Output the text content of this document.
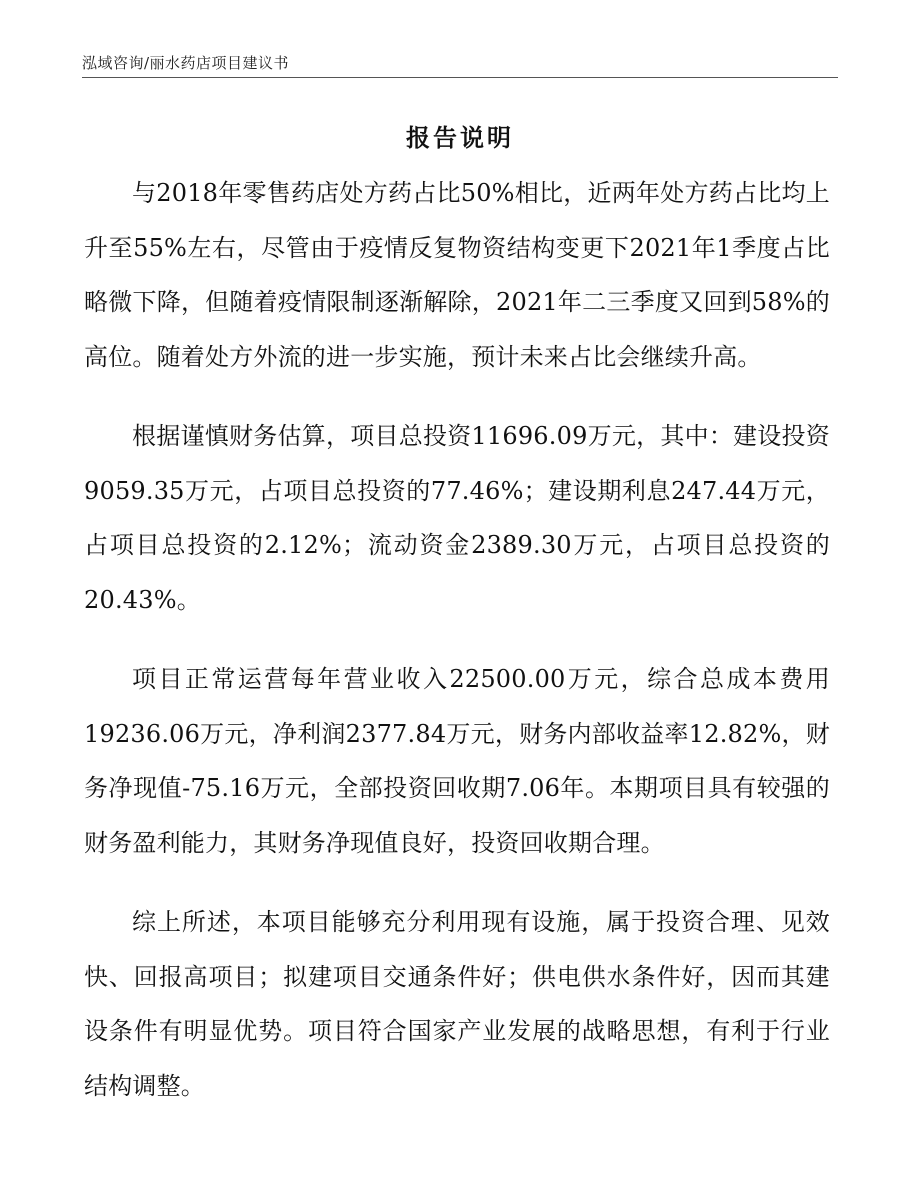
泓域咨询/丽水药店项目建议书
报告说明

与2018年零售药店处方药占比50%相比，近两年处方药占比均上升至55%左右，尽管由于疫情反复物资结构变更下2021年1季度占比略微下降，但随着疫情限制逐渐解除，2021年二三季度又回到58%的高位。随着处方外流的进一步实施，预计未来占比会继续升高。

根据谨慎财务估算，项目总投资11696.09万元，其中：建设投资9059.35万元，占项目总投资的77.46%；建设期利息247.44万元，占项目总投资的2.12%；流动资金2389.30万元，占项目总投资的20.43%。

项目正常运营每年营业收入22500.00万元，综合总成本费用19236.06万元，净利润2377.84万元，财务内部收益率12.82%，财务净现值-75.16万元，全部投资回收期7.06年。本期项目具有较强的财务盈利能力，其财务净现值良好，投资回收期合理。

综上所述，本项目能够充分利用现有设施，属于投资合理、见效快、回报高项目；拟建项目交通条件好；供电供水条件好，因而其建设条件有明显优势。项目符合国家产业发展的战略思想，有利于行业结构调整。
